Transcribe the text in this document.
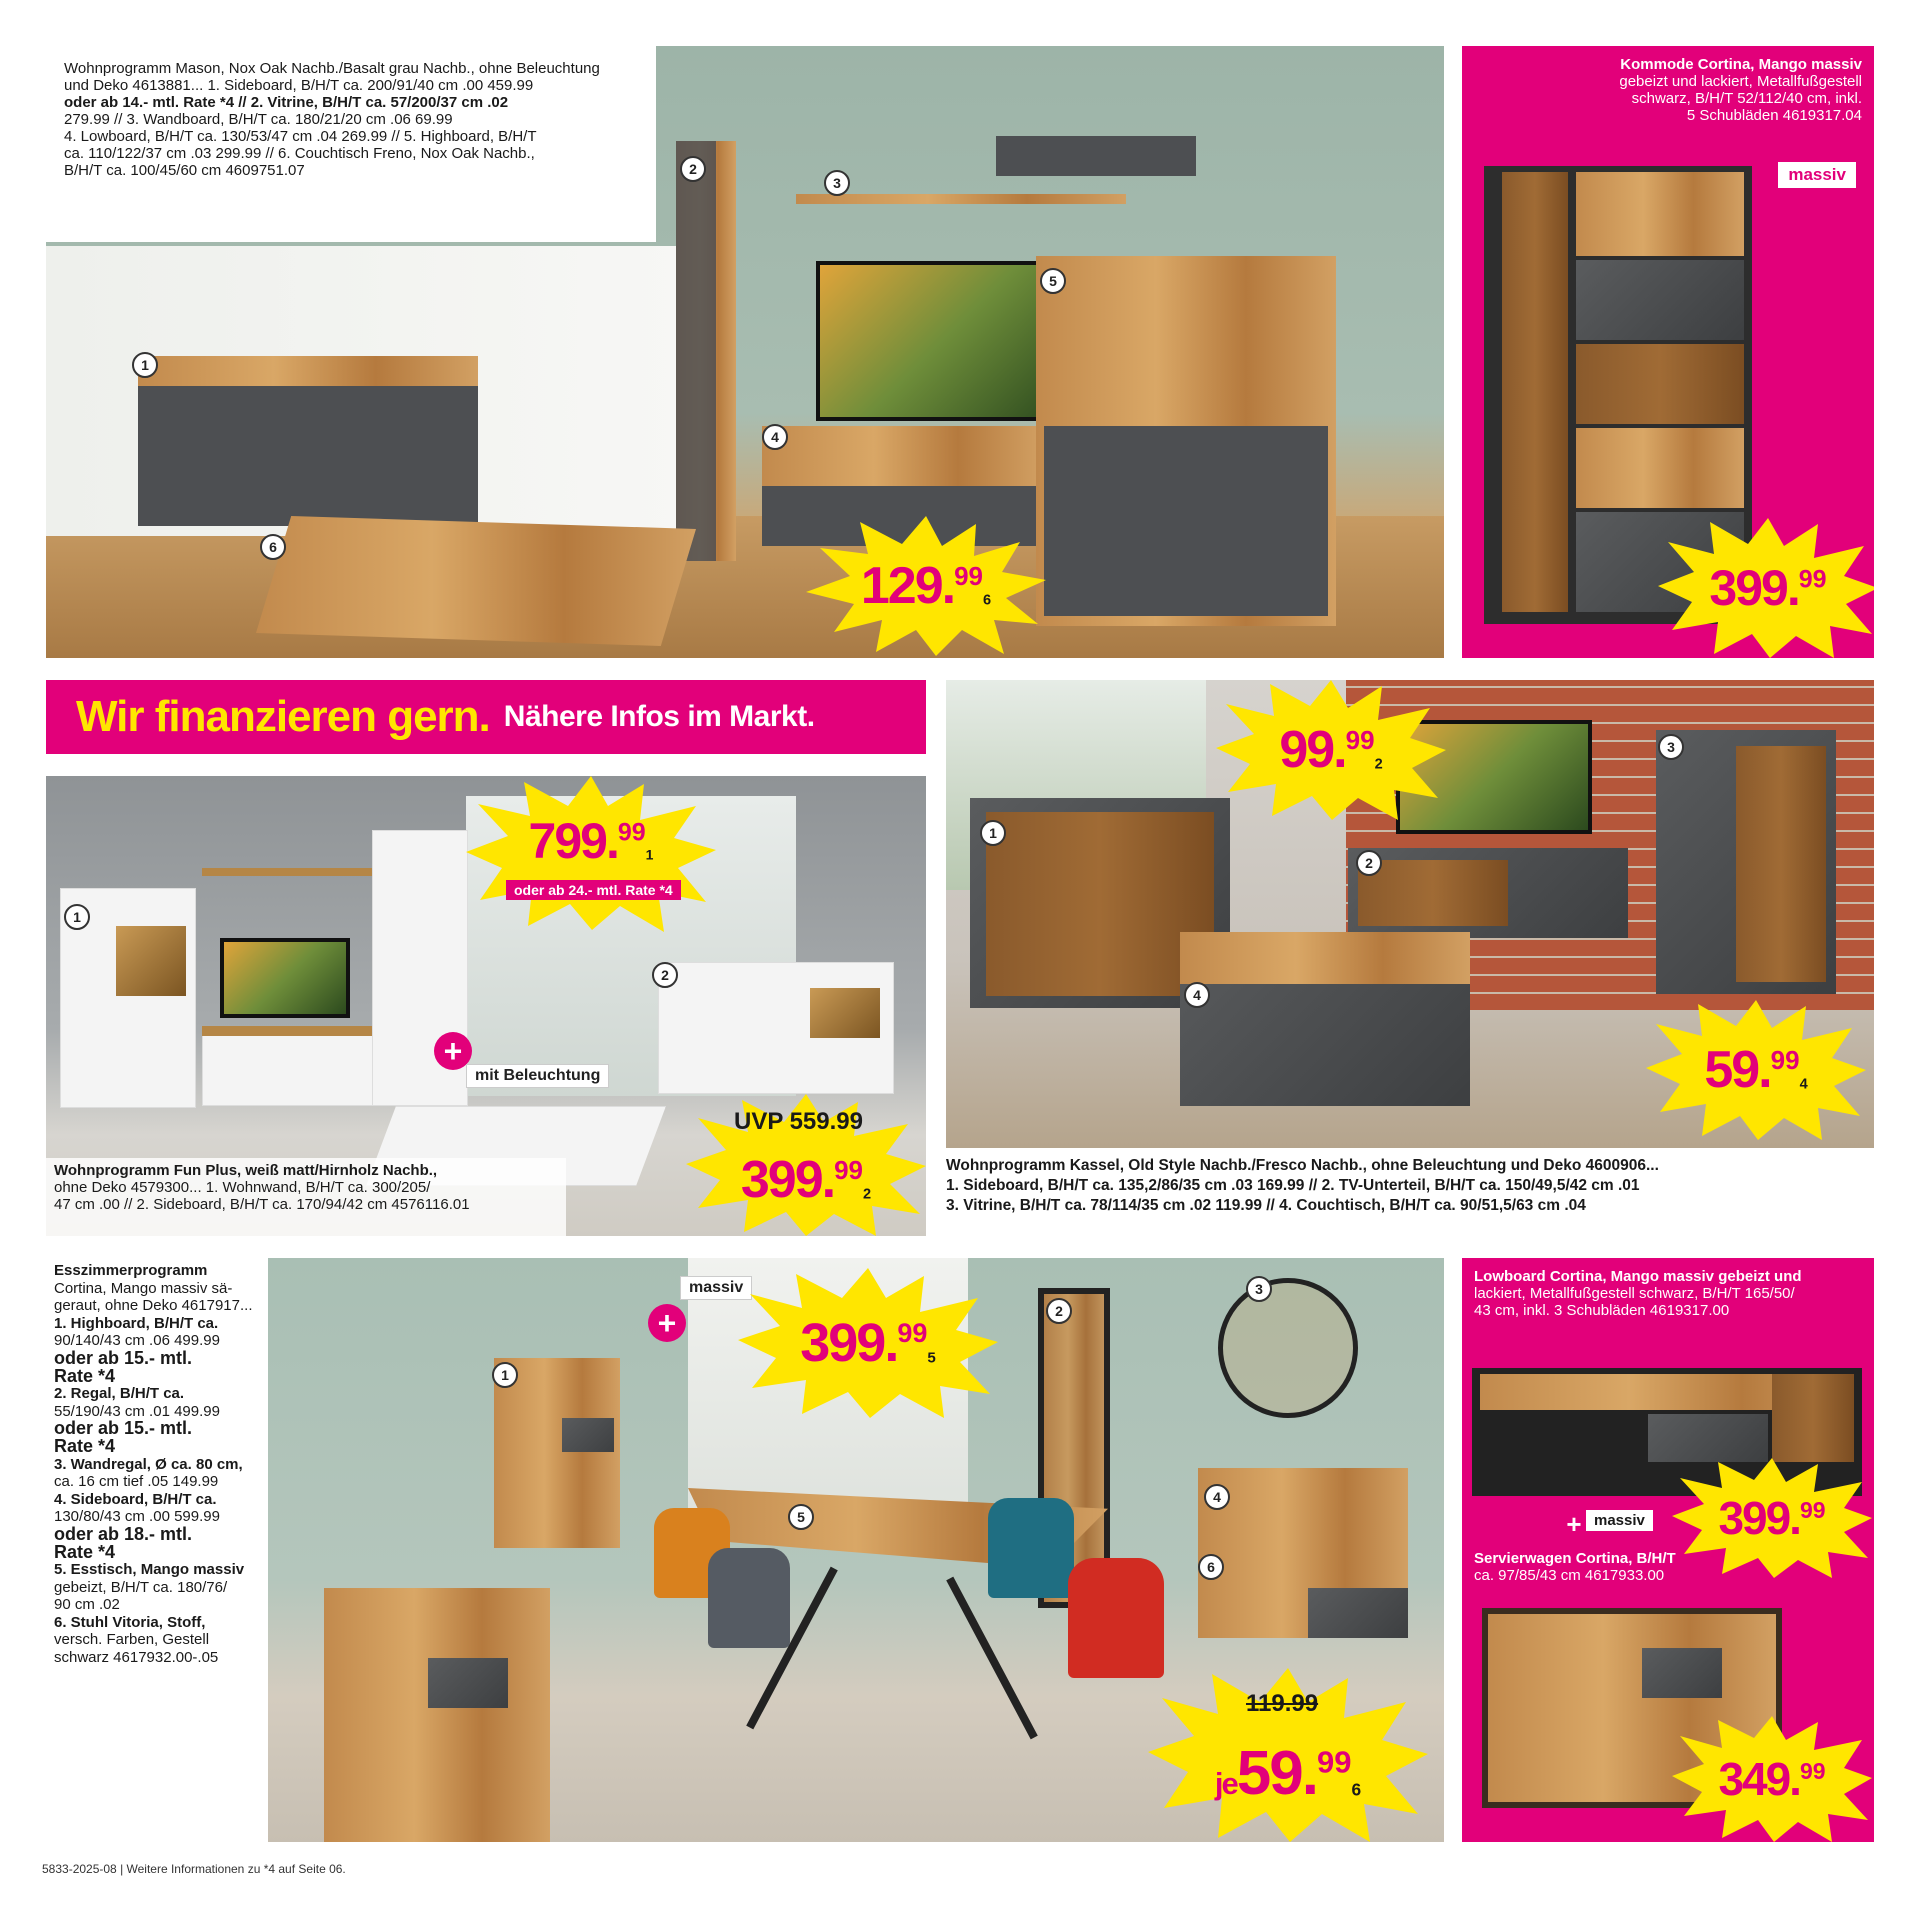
1
2
3
4
5
6
Wohnprogramm Mason, Nox Oak Nachb./Basalt grau Nachb., ohne Beleuchtung
und Deko 4613881... 1. Sideboard, B/H/T ca. 200/91/40 cm .00 459.99
oder ab 14.- mtl. Rate *4 // 2. Vitrine, B/H/T ca. 57/200/37 cm .02
279.99 // 3. Wandboard, B/H/T ca. 180/21/20 cm .06 69.99
4. Lowboard, B/H/T ca. 130/53/47 cm .04 269.99 // 5. Highboard, B/H/T
ca. 110/122/37 cm .03 299.99 // 6. Couchtisch Freno, Nox Oak Nachb.,
B/H/T ca. 100/45/60 cm 4609751.07
$129.99_6$
Kommode Cortina, Mango massiv
gebeizt und lackiert, Metallfußgestell
schwarz, B/H/T 52/112/40 cm, inkl.
5 Schubläden 4619317.04
massiv
399.99
Wir finanzieren gern. Nähere Infos im Markt.
1
2
+
mit Beleuchtung
$799.99_1$
oder ab 24.- mtl. Rate *4
UVP 559.99
$399.99_2$
Wohnprogramm Fun Plus, weiß matt/Hirnholz Nachb.,
ohne Deko 4579300... 1. Wohnwand, B/H/T ca. 300/205/
47 cm .00 // 2. Sideboard, B/H/T ca. 170/94/42 cm 4576116.01
1
2
3
4
$99.99_2$
$59.99_4$
Wohnprogramm Kassel, Old Style Nachb./Fresco Nachb., ohne Beleuchtung und Deko 4600906...
1. Sideboard, B/H/T ca. 135,2/86/35 cm .03 169.99 // 2. TV-Unterteil, B/H/T ca. 150/49,5/42 cm .01
3. Vitrine, B/H/T ca. 78/114/35 cm .02 119.99 // 4. Couchtisch, B/H/T ca. 90/51,5/63 cm .04
Esszimmerprogramm
Cortina, Mango massiv sä-
geraut, ohne Deko 4617917...
1. Highboard, B/H/T ca.
90/140/43 cm .06 499.99
oder ab 15.- mtl.
Rate *4
2. Regal, B/H/T ca.
55/190/43 cm .01 499.99
oder ab 15.- mtl.
Rate *4
3. Wandregal, Ø ca. 80 cm,
ca. 16 cm tief .05 149.99
4. Sideboard, B/H/T ca.
130/80/43 cm .00 599.99
oder ab 18.- mtl.
Rate *4
5. Esstisch, Mango massiv
gebeizt, B/H/T ca. 180/76/
90 cm .02
6. Stuhl Vitoria, Stoff,
versch. Farben, Gestell
schwarz 4617932.00-.05
1
2
3
4
5
6
+
massiv
$399.99_5$
119.99
$je59.99_6$
Lowboard Cortina, Mango massiv gebeizt und
lackiert, Metallfußgestell schwarz, B/H/T 165/50/
43 cm, inkl. 3 Schubläden 4619317.00
399.99
+ massiv
Servierwagen Cortina, B/H/T
ca. 97/85/43 cm 4617933.00
349.99
5833-2025-08 | Weitere Informationen zu *4 auf Seite 06.
